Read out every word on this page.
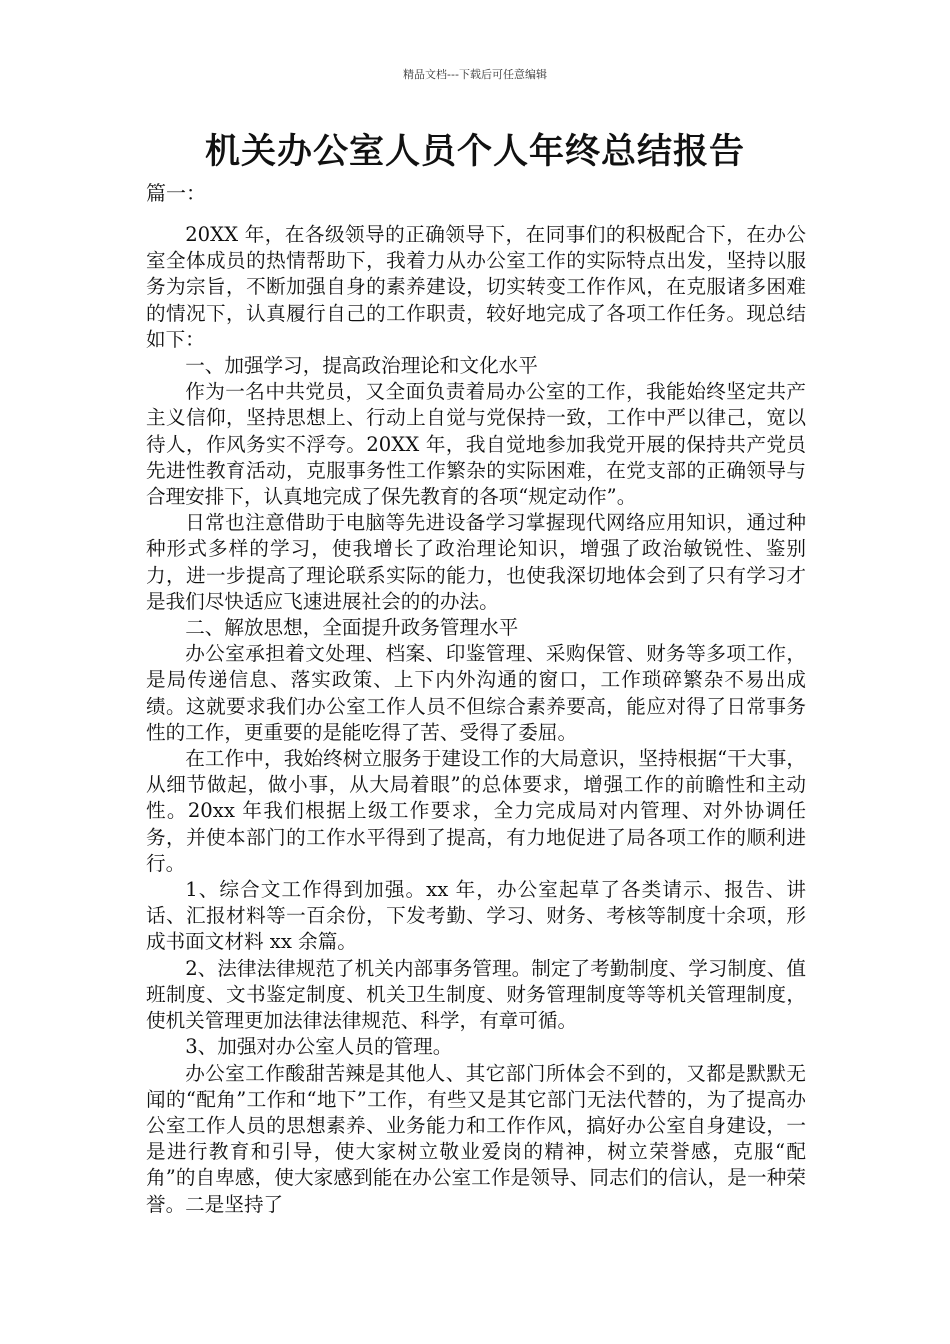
精品文档---下载后可任意编辑
机关办公室人员个人年终总结报告
篇一：

20XX 年，在各级领导的正确领导下，在同事们的积极配合下，在办公室全体成员的热情帮助下，我着力从办公室工作的实际特点出发，坚持以服务为宗旨，不断加强自身的素养建设，切实转变工作作风，在克服诸多困难的情况下，认真履行自己的工作职责，较好地完成了各项工作任务。现总结如下：

一、加强学习，提高政治理论和文化水平

作为一名中共党员，又全面负责着局办公室的工作，我能始终坚定共产主义信仰，坚持思想上、行动上自觉与党保持一致，工作中严以律己，宽以待人，作风务实不浮夸。20XX 年，我自觉地参加我党开展的保持共产党员先进性教育活动，克服事务性工作繁杂的实际困难，在党支部的正确领导与合理安排下，认真地完成了保先教育的各项“规定动作”。

日常也注意借助于电脑等先进设备学习掌握现代网络应用知识，通过种种形式多样的学习，使我增长了政治理论知识，增强了政治敏锐性、鉴别力，进一步提高了理论联系实际的能力，也使我深切地体会到了只有学习才是我们尽快适应飞速进展社会的的办法。

二、解放思想，全面提升政务管理水平

办公室承担着文处理、档案、印鉴管理、采购保管、财务等多项工作，是局传递信息、落实政策、上下内外沟通的窗口，工作琐碎繁杂不易出成绩。这就要求我们办公室工作人员不但综合素养要高，能应对得了日常事务性的工作，更重要的是能吃得了苦、受得了委屈。

在工作中，我始终树立服务于建设工作的大局意识，坚持根据“干大事，从细节做起，做小事，从大局着眼”的总体要求，增强工作的前瞻性和主动性。20xx 年我们根据上级工作要求，全力完成局对内管理、对外协调任务，并使本部门的工作水平得到了提高，有力地促进了局各项工作的顺利进行。

1、综合文工作得到加强。xx 年，办公室起草了各类请示、报告、讲话、汇报材料等一百余份，下发考勤、学习、财务、考核等制度十余项，形成书面文材料 xx 余篇。

2、法律法律规范了机关内部事务管理。制定了考勤制度、学习制度、值班制度、文书鉴定制度、机关卫生制度、财务管理制度等等机关管理制度，使机关管理更加法律法律规范、科学，有章可循。

3、加强对办公室人员的管理。

办公室工作酸甜苦辣是其他人、其它部门所体会不到的，又都是默默无闻的“配角”工作和“地下”工作，有些又是其它部门无法代替的，为了提高办公室工作人员的思想素养、业务能力和工作作风，搞好办公室自身建设，一是进行教育和引导，使大家树立敬业爱岗的精神，树立荣誉感，克服“配角”的自卑感，使大家感到能在办公室工作是领导、同志们的信认，是一种荣誉。二是坚持了
